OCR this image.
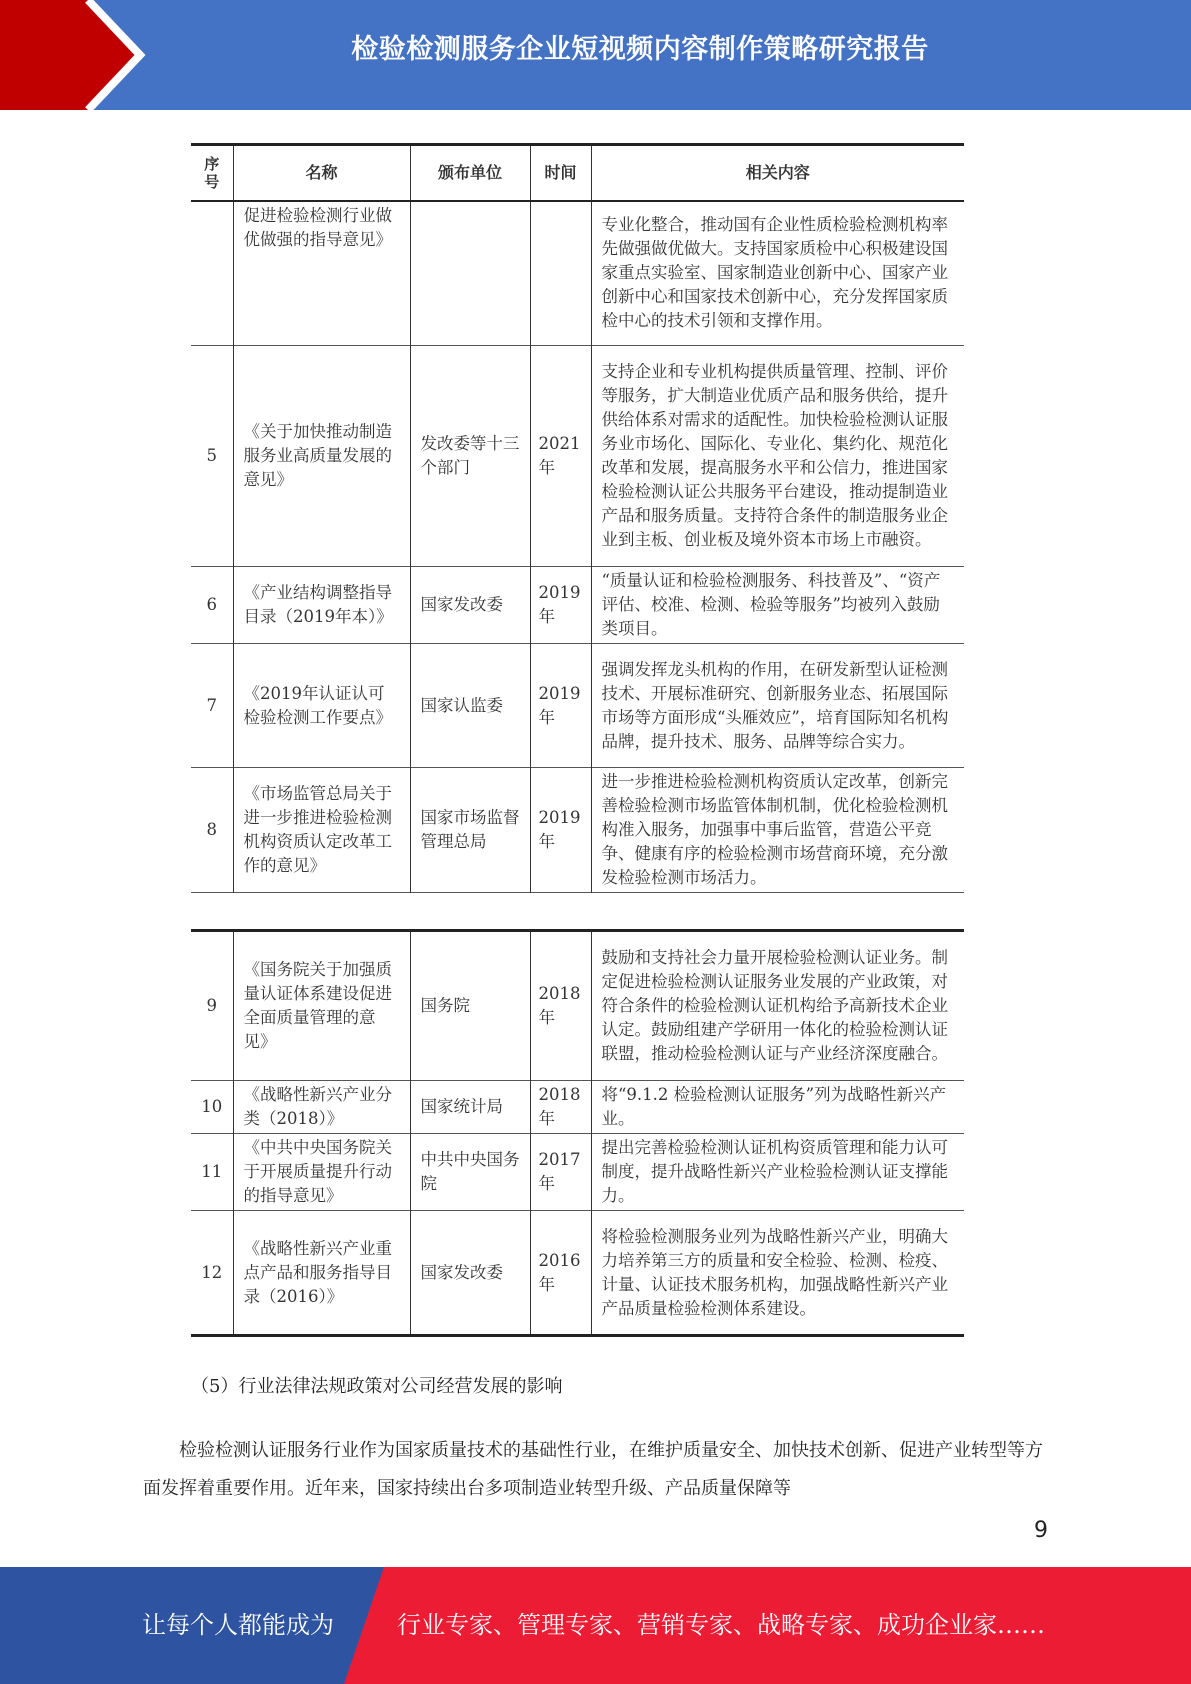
检验检测服务企业短视频内容制作策略研究报告
序号	名称	颁布单位	时间	相关内容
	促进检验检测行业做优做强的指导意见》			专业化整合，推动国有企业性质检验检测机构率先做强做优做大。支持国家质检中心积极建设国家重点实验室、国家制造业创新中心、国家产业创新中心和国家技术创新中心，充分发挥国家质检中心的技术引领和支撑作用。
5	《关于加快推动制造服务业高质量发展的意见》	发改委等十三个部门	2021年	支持企业和专业机构提供质量管理、控制、评价等服务，扩大制造业优质产品和服务供给，提升供给体系对需求的适配性。加快检验检测认证服务业市场化、国际化、专业化、集约化、规范化改革和发展，提高服务水平和公信力，推进国家检验检测认证公共服务平台建设，推动提制造业产品和服务质量。支持符合条件的制造服务业企业到主板、创业板及境外资本市场上市融资。
6	《产业结构调整指导目录（2019年本）》	国家发改委	2019年	“质量认证和检验检测服务、科技普及”、“资产评估、校准、检测、检验等服务”均被列入鼓励类项目。
7	《2019年认证认可检验检测工作要点》	国家认监委	2019年	强调发挥龙头机构的作用，在研发新型认证检测技术、开展标准研究、创新服务业态、拓展国际市场等方面形成“头雁效应”，培育国际知名机构品牌，提升技术、服务、品牌等综合实力。
8	《市场监管总局关于进一步推进检验检测机构资质认定改革工作的意见》	国家市场监督管理总局	2019年	进一步推进检验检测机构资质认定改革，创新完善检验检测市场监管体制机制，优化检验检测机构准入服务，加强事中事后监管，营造公平竞争、健康有序的检验检测市场营商环境，充分激发检验检测市场活力。
9	《国务院关于加强质量认证体系建设促进全面质量管理的意见》	国务院	2018年	鼓励和支持社会力量开展检验检测认证业务。制定促进检验检测认证服务业发展的产业政策，对符合条件的检验检测认证机构给予高新技术企业认定。鼓励组建产学研用一体化的检验检测认证联盟，推动检验检测认证与产业经济深度融合。
10	《战略性新兴产业分类（2018）》	国家统计局	2018年	将“9.1.2 检验检测认证服务”列为战略性新兴产业。
11	《中共中央国务院关于开展质量提升行动的指导意见》	中共中央国务院	2017年	提出完善检验检测认证机构资质管理和能力认可制度，提升战略性新兴产业检验检测认证支撑能力。
12	《战略性新兴产业重点产品和服务指导目录（2016）》	国家发改委	2016年	将检验检测服务业列为战略性新兴产业，明确大力培养第三方的质量和安全检验、检测、检疫、计量、认证技术服务机构，加强战略性新兴产业产品质量检验检测体系建设。
（5）行业法律法规政策对公司经营发展的影响

检验检测认证服务行业作为国家质量技术的基础性行业，在维护质量安全、加快技术创新、促进产业转型等方面发挥着重要作用。近年来，国家持续出台多项制造业转型升级、产品质量保障等

9
让每个人都能成为	行业专家、管理专家、营销专家、战略专家、成功企业家……
